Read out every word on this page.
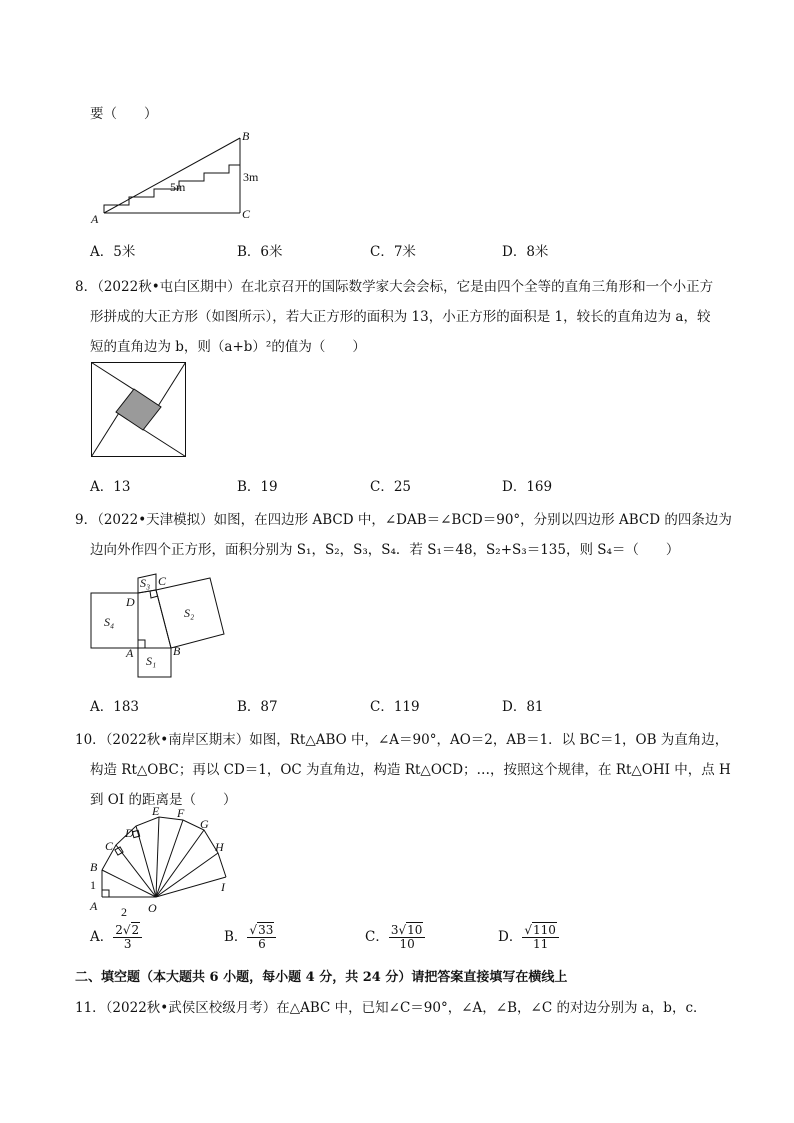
要（　　）
A
B
C
5m
3m
A．5米	B．6米	C．7米	D．8米
8．（2022秋•屯白区期中）在北京召开的国际数学家大会会标，它是由四个全等的直角三角形和一个小正方
形拼成的大正方形（如图所示），若大正方形的面积为 13，小正方形的面积是 1，较长的直角边为 a，较
短的直角边为 b，则（a+b）²的值为（　　）
A．13	B．19	C．25	D．169
9．（2022•天津模拟）如图，在四边形 ABCD 中，∠DAB＝∠BCD＝90°，分别以四边形 ABCD 的四条边为
边向外作四个正方形，面积分别为 S₁，S₂，S₃，S₄．若 S₁＝48，S₂+S₃＝135，则 S₄＝（　　）
S₃ C
D
S₂
S₄
A	B
S₁
A．183	B．87	C．119	D．81
10．（2022秋•南岸区期末）如图，Rt△ABO 中，∠A＝90°，AO＝2，AB＝1．以 BC＝1，OB 为直角边，
构造 Rt△OBC；再以 CD＝1，OC 为直角边，构造 Rt△OCD；…，按照这个规律，在 Rt△OHI 中，点 H
到 OI 的距离是（　　）
B
1
A 2 O
C
D
E F
G
H
I
A． $\frac{2√2}{3}$	B． $\frac{√33}{6}$	C． $\frac{3√10}{10}$	D． $\frac{√110}{11}$
二、填空题（本大题共 6 小题，每小题 4 分，共 24 分）请把答案直接填写在横线上
11．（2022秋•武侯区校级月考）在△ABC 中，已知∠C＝90°，∠A，∠B，∠C 的对边分别为 a，b，c．
